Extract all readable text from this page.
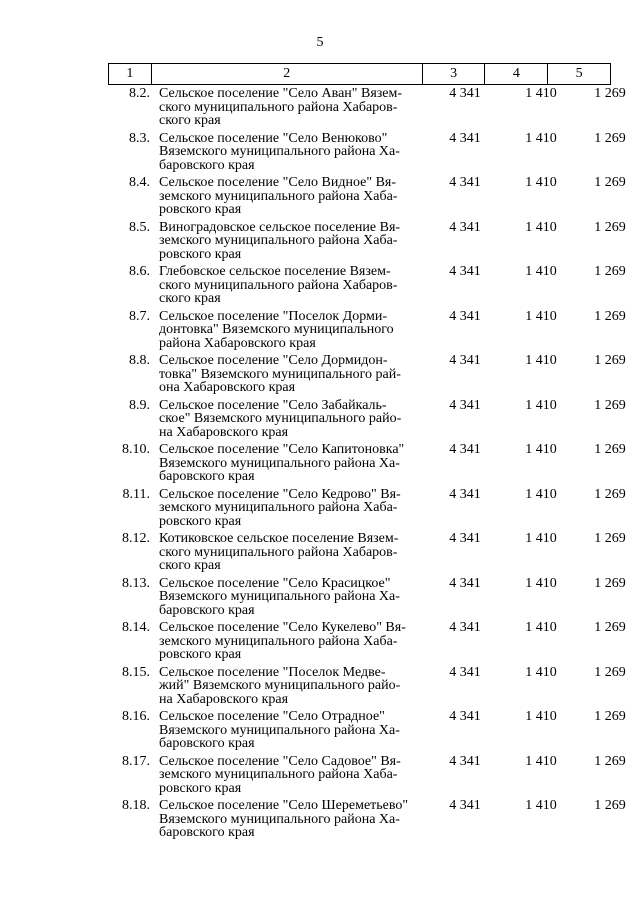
5
1	2	3	4	5
8.2. Сельское поселение "Село Аван" Вязем-
ского муниципального района Хабаров-
ского края
4 341	1 410	1 269
8.3. Сельское поселение "Село Венюково"
Вяземского муниципального района Ха-
баровского края
4 341	1 410	1 269
8.4. Сельское поселение "Село Видное" Вя-
земского муниципального района Хаба-
ровского края
4 341	1 410	1 269
8.5. Виноградовское сельское поселение Вя-
земского муниципального района Хаба-
ровского края
4 341	1 410	1 269
8.6. Глебовское сельское поселение Вязем-
ского муниципального района Хабаров-
ского края
4 341	1 410	1 269
8.7. Сельское поселение "Поселок Дорми-
донтовка" Вяземского муниципального
района Хабаровского края
4 341	1 410	1 269
8.8. Сельское поселение "Село Дормидон-
товка" Вяземского муниципального рай-
она Хабаровского края
4 341	1 410	1 269
8.9. Сельское поселение "Село Забайкаль-
ское" Вяземского муниципального райо-
на Хабаровского края
4 341	1 410	1 269
8.10. Сельское поселение "Село Капитоновка"
Вяземского муниципального района Ха-
баровского края
4 341	1 410	1 269
8.11. Сельское поселение "Село Кедрово" Вя-
земского муниципального района Хаба-
ровского края
4 341	1 410	1 269
8.12. Котиковское сельское поселение Вязем-
ского муниципального района Хабаров-
ского края
4 341	1 410	1 269
8.13. Сельское поселение "Село Красицкое"
Вяземского муниципального района Ха-
баровского края
4 341	1 410	1 269
8.14. Сельское поселение "Село Кукелево" Вя-
земского муниципального района Хаба-
ровского края
4 341	1 410	1 269
8.15. Сельское поселение "Поселок Медве-
жий" Вяземского муниципального райо-
на Хабаровского края
4 341	1 410	1 269
8.16. Сельское поселение "Село Отрадное"
Вяземского муниципального района Ха-
баровского края
4 341	1 410	1 269
8.17. Сельское поселение "Село Садовое" Вя-
земского муниципального района Хаба-
ровского края
4 341	1 410	1 269
8.18. Сельское поселение "Село Шереметьево"
Вяземского муниципального района Ха-
баровского края
4 341	1 410	1 269
